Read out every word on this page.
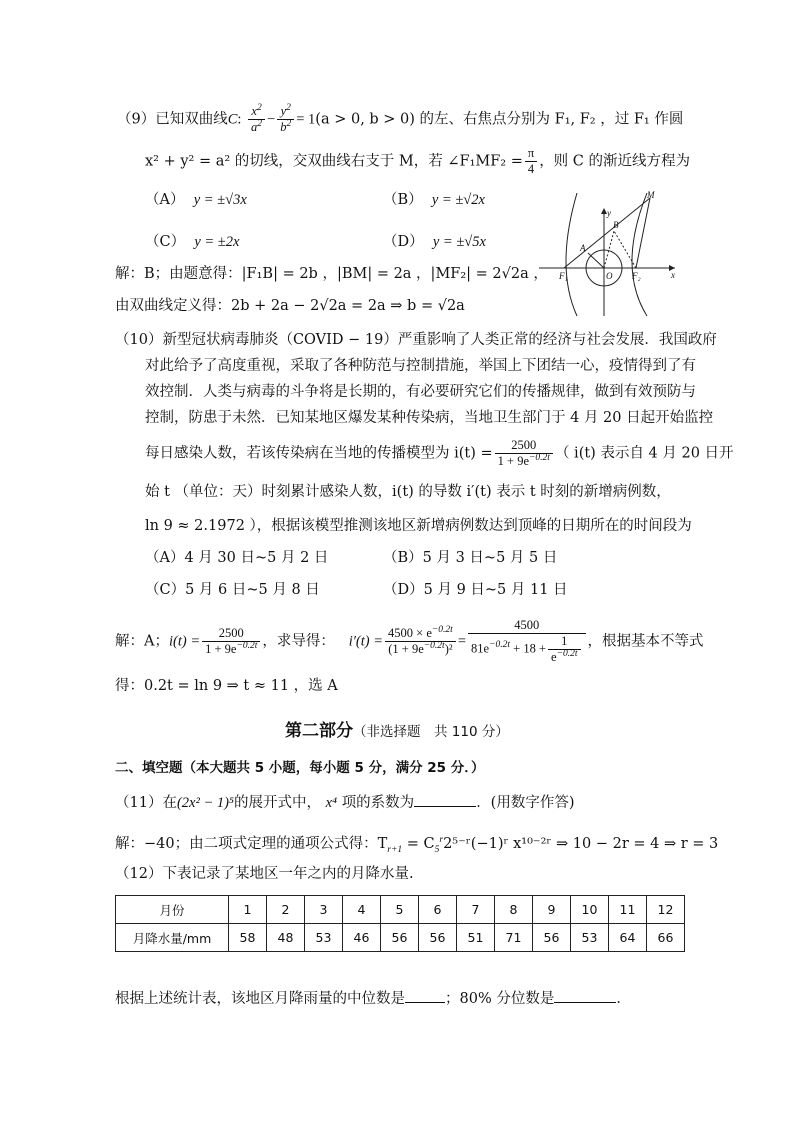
（9）已知双曲线C: $\frac{x^2}{a^2} - \frac{y^2}{b^2} = 1(a > 0$, b > 0) 的左、右焦点分别为 F₁, F₂ ，过 F₁ 作圆
x² + y² = a² 的切线，交双曲线右支于 M，若 ∠F₁MF₂ = $\frac{\pi}{4}$ ，则 C 的渐近线方程为
（A） y = ±√3x	（B） y = ±√2x
（C） y = ±2x	（D） y = ±√5x
解：B；由题意得：|F₁B| = 2b ，|BM| = 2a ，|MF₂| = 2√2a ，
由双曲线定义得：2b + 2a − 2√2a = 2a ⇒ b = √2a
x
y
O
F₁	F₂
A
B
M
（10）新型冠状病毒肺炎（COVID − 19）严重影响了人类正常的经济与社会发展．我国政府
对此给予了高度重视，采取了各种防范与控制措施，举国上下团结一心，疫情得到了有
效控制．人类与病毒的斗争将是长期的，有必要研究它们的传播规律，做到有效预防与
控制，防患于未然．已知某地区爆发某种传染病，当地卫生部门于 4 月 20 日起开始监控
每日感染人数，若该传染病在当地的传播模型为 $i(t) = \frac{2500}{1 + 9e^{-0.2t}}$ （ i(t) 表示自 4 月 20 日开
始 t （单位：天）时刻累计感染人数，i(t) 的导数 i′(t) 表示 t 时刻的新增病例数，
ln 9 ≈ 2.1972 ），根据该模型推测该地区新增病例数达到顶峰的日期所在的时间段为
（A）4 月 30 日~5 月 2 日	（B）5 月 3 日~5 月 5 日
（C）5 月 6 日~5 月 8 日	（D）5 月 9 日~5 月 11 日
解：A；$i(t) = \frac{2500}{1 + 9e^{-0.2t}}$ ，求导得： $i'(t) = \frac{4500 \times e^{-0.2t}}{(1 + 9e^{-0.2t})^2} = \frac{4500}{81e^{-0.2t} + 18 + \frac{1}{e^{-0.2t}}}$ ，根据基本不等式
得：0.2t = ln 9 ⇒ t ≈ 11 ，选 A
第二部分（非选择题　共 110 分）
二、填空题（本大题共 5 小题，每小题 5 分，满分 25 分．）
（11）在(2x² − 1)⁵的展开式中， x⁴ 项的系数为	．(用数字作答)
解：−40；由二项式定理的通项公式得：$T_{r+1}$ = $C_5^r2^{5-}ʳ(-1)ʳ$ x¹⁰⁻²ʳ ⇒ 10 − 2r = 4 ⇒ r = 3
（12）下表记录了某地区一年之内的月降水量.
月份	1	2	3	4	5	6	7	8	9	10	11	12
月降水量/mm	58	48	53	46	56	56	51	71	56	53	64	66
根据上述统计表，该地区月降雨量的中位数是	；80% 分位数是	．
